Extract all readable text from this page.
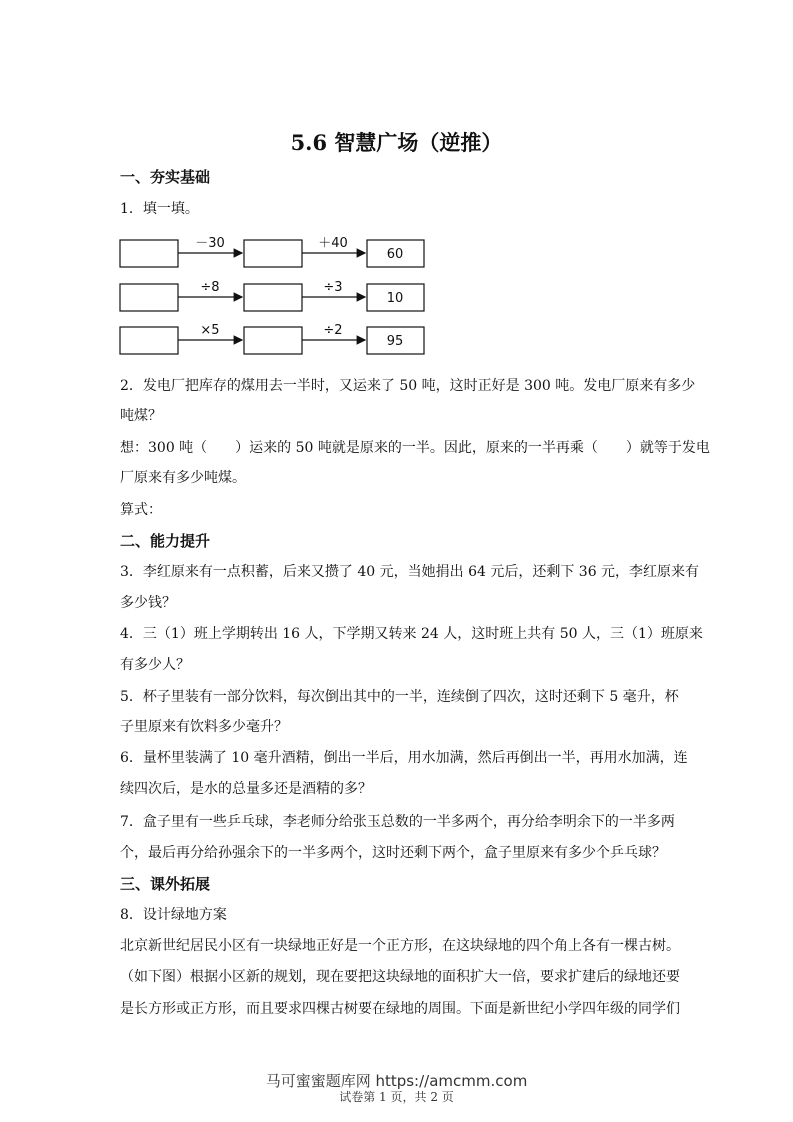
5.6 智慧广场（逆推）
一、夯实基础
1．填一填。
－30	＋40
60
÷8	÷3
10
×5	÷2
95
2．发电厂把库存的煤用去一半时，又运来了 50 吨，这时正好是 300 吨。发电厂原来有多少
吨煤？
想：300 吨（　　）运来的 50 吨就是原来的一半。因此，原来的一半再乘（　　）就等于发电
厂原来有多少吨煤。
算式：
二、能力提升
3．李红原来有一点积蓄，后来又攒了 40 元，当她捐出 64 元后，还剩下 36 元，李红原来有
多少钱？
4．三（1）班上学期转出 16 人，下学期又转来 24 人，这时班上共有 50 人，三（1）班原来
有多少人？
5．杯子里装有一部分饮料，每次倒出其中的一半，连续倒了四次，这时还剩下 5 毫升，杯
子里原来有饮料多少毫升？
6．量杯里装满了 10 毫升酒精，倒出一半后，用水加满，然后再倒出一半，再用水加满，连
续四次后，是水的总量多还是酒精的多？
7．盒子里有一些乒乓球，李老师分给张玉总数的一半多两个，再分给李明余下的一半多两
个，最后再分给孙强余下的一半多两个，这时还剩下两个，盒子里原来有多少个乒乓球？
三、课外拓展
8．设计绿地方案
北京新世纪居民小区有一块绿地正好是一个正方形，在这块绿地的四个角上各有一棵古树。
（如下图）根据小区新的规划，现在要把这块绿地的面积扩大一倍，要求扩建后的绿地还要
是长方形或正方形，而且要求四棵古树要在绿地的周围。下面是新世纪小学四年级的同学们
马可蜜蜜题库网 https://amcmm.com
试卷第 1 页，共 2 页
